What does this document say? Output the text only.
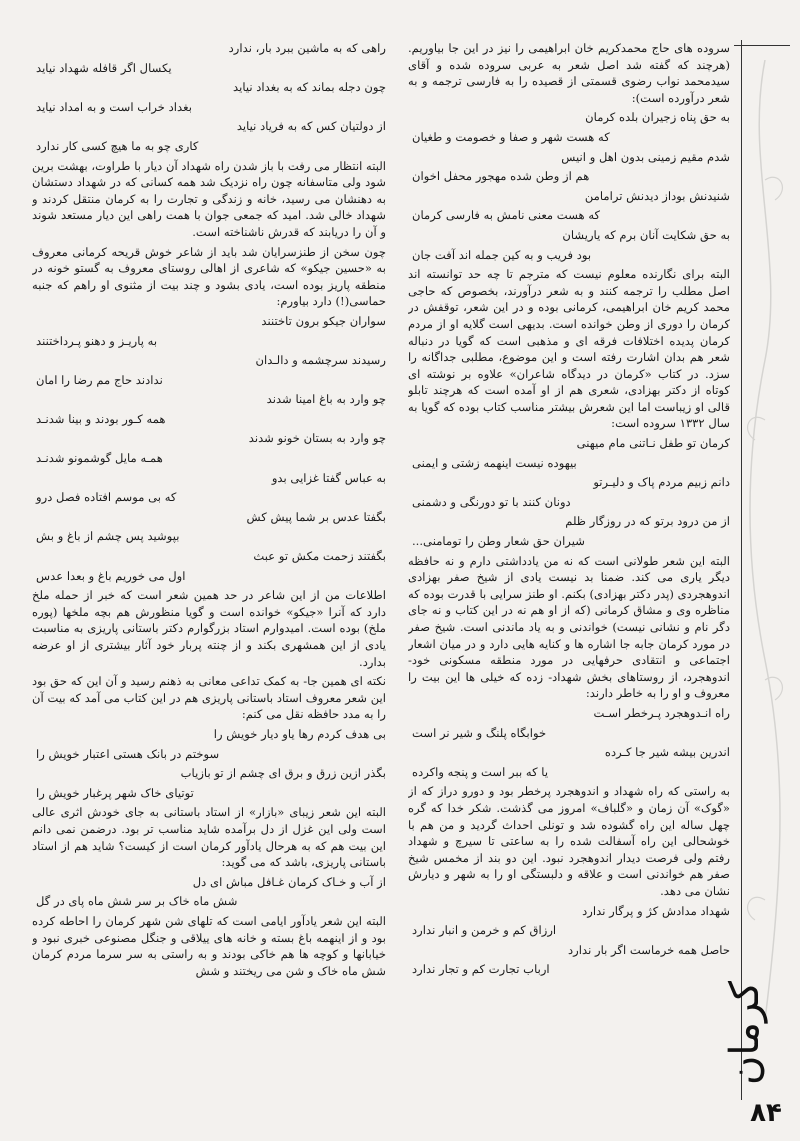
سروده های حاج محمدکریم خان ابراهیمی را نیز در این جا بیاوریم. (هرچند که گفته شد اصل شعر به عربی سروده شده و آقای سیدمحمد نواب رضوی قسمتی از قصیده را به فارسی ترجمه و به شعر درآورده است):

به حق پناه زجیران بلده کرمان

که هست شهر و صفا و خصومت و طغیان

شدم مقیم زمینی بدون اهل و انیس

هم از وطن شده مهجور محفل اخوان

شنیدنش بوداز دیدنش ترامامن

که هست معنی نامش به فارسی کرمان

به حق شکایت آنان برم که یاریشان

بود فریب و به کین جمله اند آفت جان

البته برای نگارنده معلوم نیست که مترجم تا چه حد توانسته اند اصل مطلب را ترجمه کنند و به شعر درآورند، بخصوص که حاجی محمد کریم خان ابراهیمی، کرمانی بوده و در این شعر، توقفش در کرمان را دوری از وطن خوانده است. بدیهی است گلایه او از مردم کرمان پدیده اختلافات فرقه ای و مذهبی است که گویا در دنباله شعر هم بدان اشارت رفته است و این موضوع، مطلبی جداگانه را سزد. در کتاب «کرمان در دیدگاه شاعران» علاوه بر نوشته ای کوتاه از دکتر بهزادی، شعری هم از او آمده است که هرچند تابلو قالی او زیباست اما این شعرش بیشتر مناسب کتاب بوده که گویا به سال ۱۳۳۲ سروده است:

کرمان تو طفل نـاتنی مام میهنی

بیهوده نیست اینهمه زشتی و ایمنی

دانم زبیم مردم پاک و دلیـرتو

دونان کنند با تو دورنگی و دشمنی

از من درود برتو که در روزگار ظلم

شیران حق شعار وطن را تومامنی...

البته این شعر طولانی است که نه من یادداشتی دارم و نه حافظه دیگر یاری می کند. ضمنا بد نیست یادی از شیخ صفر بهزادی اندوهجردی (پدر دکتر بهزادی) بکنم. او طنز سرایی با قدرت بوده که مناظره وی و مشاق کرمانی (که از او هم نه در این کتاب و نه جای دگر نام و نشانی نیست) خواندنی و به یاد ماندنی است. شیخ صفر در مورد کرمان جابه جا اشاره ها و کنایه هایی دارد و در میان اشعار اجتماعی و انتقادی حرفهایی در مورد منطقه مسکونی خود- اندوهجرد، از روستاهای بخش شهداد- زده که خیلی ها این بیت را معروف و او را به خاطر دارند:

راه انـدوهجرد پـرخطر اسـت

خوابگاه پلنگ و شیر نر است

اندرین بیشه شیر جا کـرده

یا که ببر است و پنجه واکرده

به راستی که راه شهداد و اندوهجرد پرخطر بود و دورو دراز که از «گوک» آن زمان و «گلباف» امروز می گذشت. شکر خدا که گره چهل ساله این راه گشوده شد و تونلی احداث گردید و من هم با خوشحالی این راه آسفالت شده را به ساعتی تا سیرچ و شهداد رفتم ولی فرصت دیدار اندوهجرد نبود. این دو بند از مخمس شیخ صفر هم خواندنی است و علاقه و دلبستگی او را به شهر و دیارش نشان می دهد.

شهداد مدادش کژ و پرگار ندارد

ارزاق کم و خرمن و انبار ندارد

حاصل همه خرماست اگر بار ندارد

ارباب تجارت کم و تجار ندارد

راهی که به ماشین ببرد بار، ندارد

یکسال اگر قافله شهداد نیاید

چون دجله بماند که به بغداد نیاید

بغداد خراب است و به امداد نیاید

از دولتیان کس که به فریاد نیاید

کاری چو به ما هیچ کسی کار ندارد

البته انتظار می رفت با باز شدن راه شهداد آن دیار با طراوت، بهشت برین شود ولی متاسفانه چون راه نزدیک شد همه کسانی که در شهداد دستشان به دهنشان می رسید، خانه و زندگی و تجارت را به کرمان منتقل کردند و شهداد خالی شد. امید که جمعی جوان با همت راهی این دیار مستعد شوند و آن را دریابند که قدرش ناشناخته است.

چون سخن از طنزسرایان شد باید از شاعر خوش قریحه کرمانی معروف به «حسین جیکو» که شاعری از اهالی روستای معروف به گستو خونه در منطقه پاریز بوده است، یادی بشود و چند بیت از مثنوی او راهم که جنبه حماسی(!) دارد بیاورم:

سواران جیکو برون تاختنند

به پاریـز و دهنو پـرداختنند

رسیدند سرچشمه و دالـدان

ندادند حاج مم رضا را امان

چو وارد به باغ امینا شدند

همه کـور بودند و بینا شدنـد

چو وارد به بستان خونو شدند

همـه مایل گوشمونو شدنـد

به عباس گفتا غزایی بدو

که بی موسم افتاده فصل درو

بگفتا عدس بر شما پیش کش

بپوشید پس چشم از باغ و بش

بگفتند زحمت مکش تو عبث

اول می خوریم باغ و بعدا عدس

اطلاعات من از این شاعر در حد همین شعر است که خبر از حمله ملخ دارد که آنرا «جیکو» خوانده است و گویا منظورش هم بچه ملخها (پوره ملخ) بوده است. امیدوارم استاد بزرگوارم دکتر باستانی پاریزی به مناسبت یادی از این همشهری بکند و از چنته پربار خود آثار بیشتری از او عرضه بدارد.

نکته ای همین جا- به کمک تداعی معانی به ذهنم رسید و آن این که حق بود این شعر معروف استاد باستانی پاریزی هم در این کتاب می آمد که بیت آن را به مدد حافظه نقل می کنم:

بی هدف کردم رها یاو دیار خویش را

سوختم در بانک هستی اعتبار خویش را

بگذر ازین زرق و برق ای چشم از تو بازیاب

توتیای خاک شهر پرغبار خویش را

البته این شعر زیبای «بازار» از استاد باستانی به جای خودش اثری عالی است ولی این غزل از دل برآمده شاید مناسب تر بود. درضمن نمی دانم این بیت هم که به هرحال یادآور کرمان است از کیست؟ شاید هم از استاد باستانی پاریزی، باشد که می گوید:

از آب و خـاک کرمان غـافل مباش ای دل

شش ماه خاک بر سر شش ماه پای در گل

البته این شعر یادآور ایامی است که تلهای شن شهر کرمان را احاطه کرده بود و از اینهمه باغ بسته و خانه های ییلاقی و جنگل مصنوعی خبری نبود و خیابانها و کوچه ها هم خاکی بودند و به راستی به سر سرما مردم کرمان شش ماه خاک و شن می ریختند و شش

کرمان
۸۴
